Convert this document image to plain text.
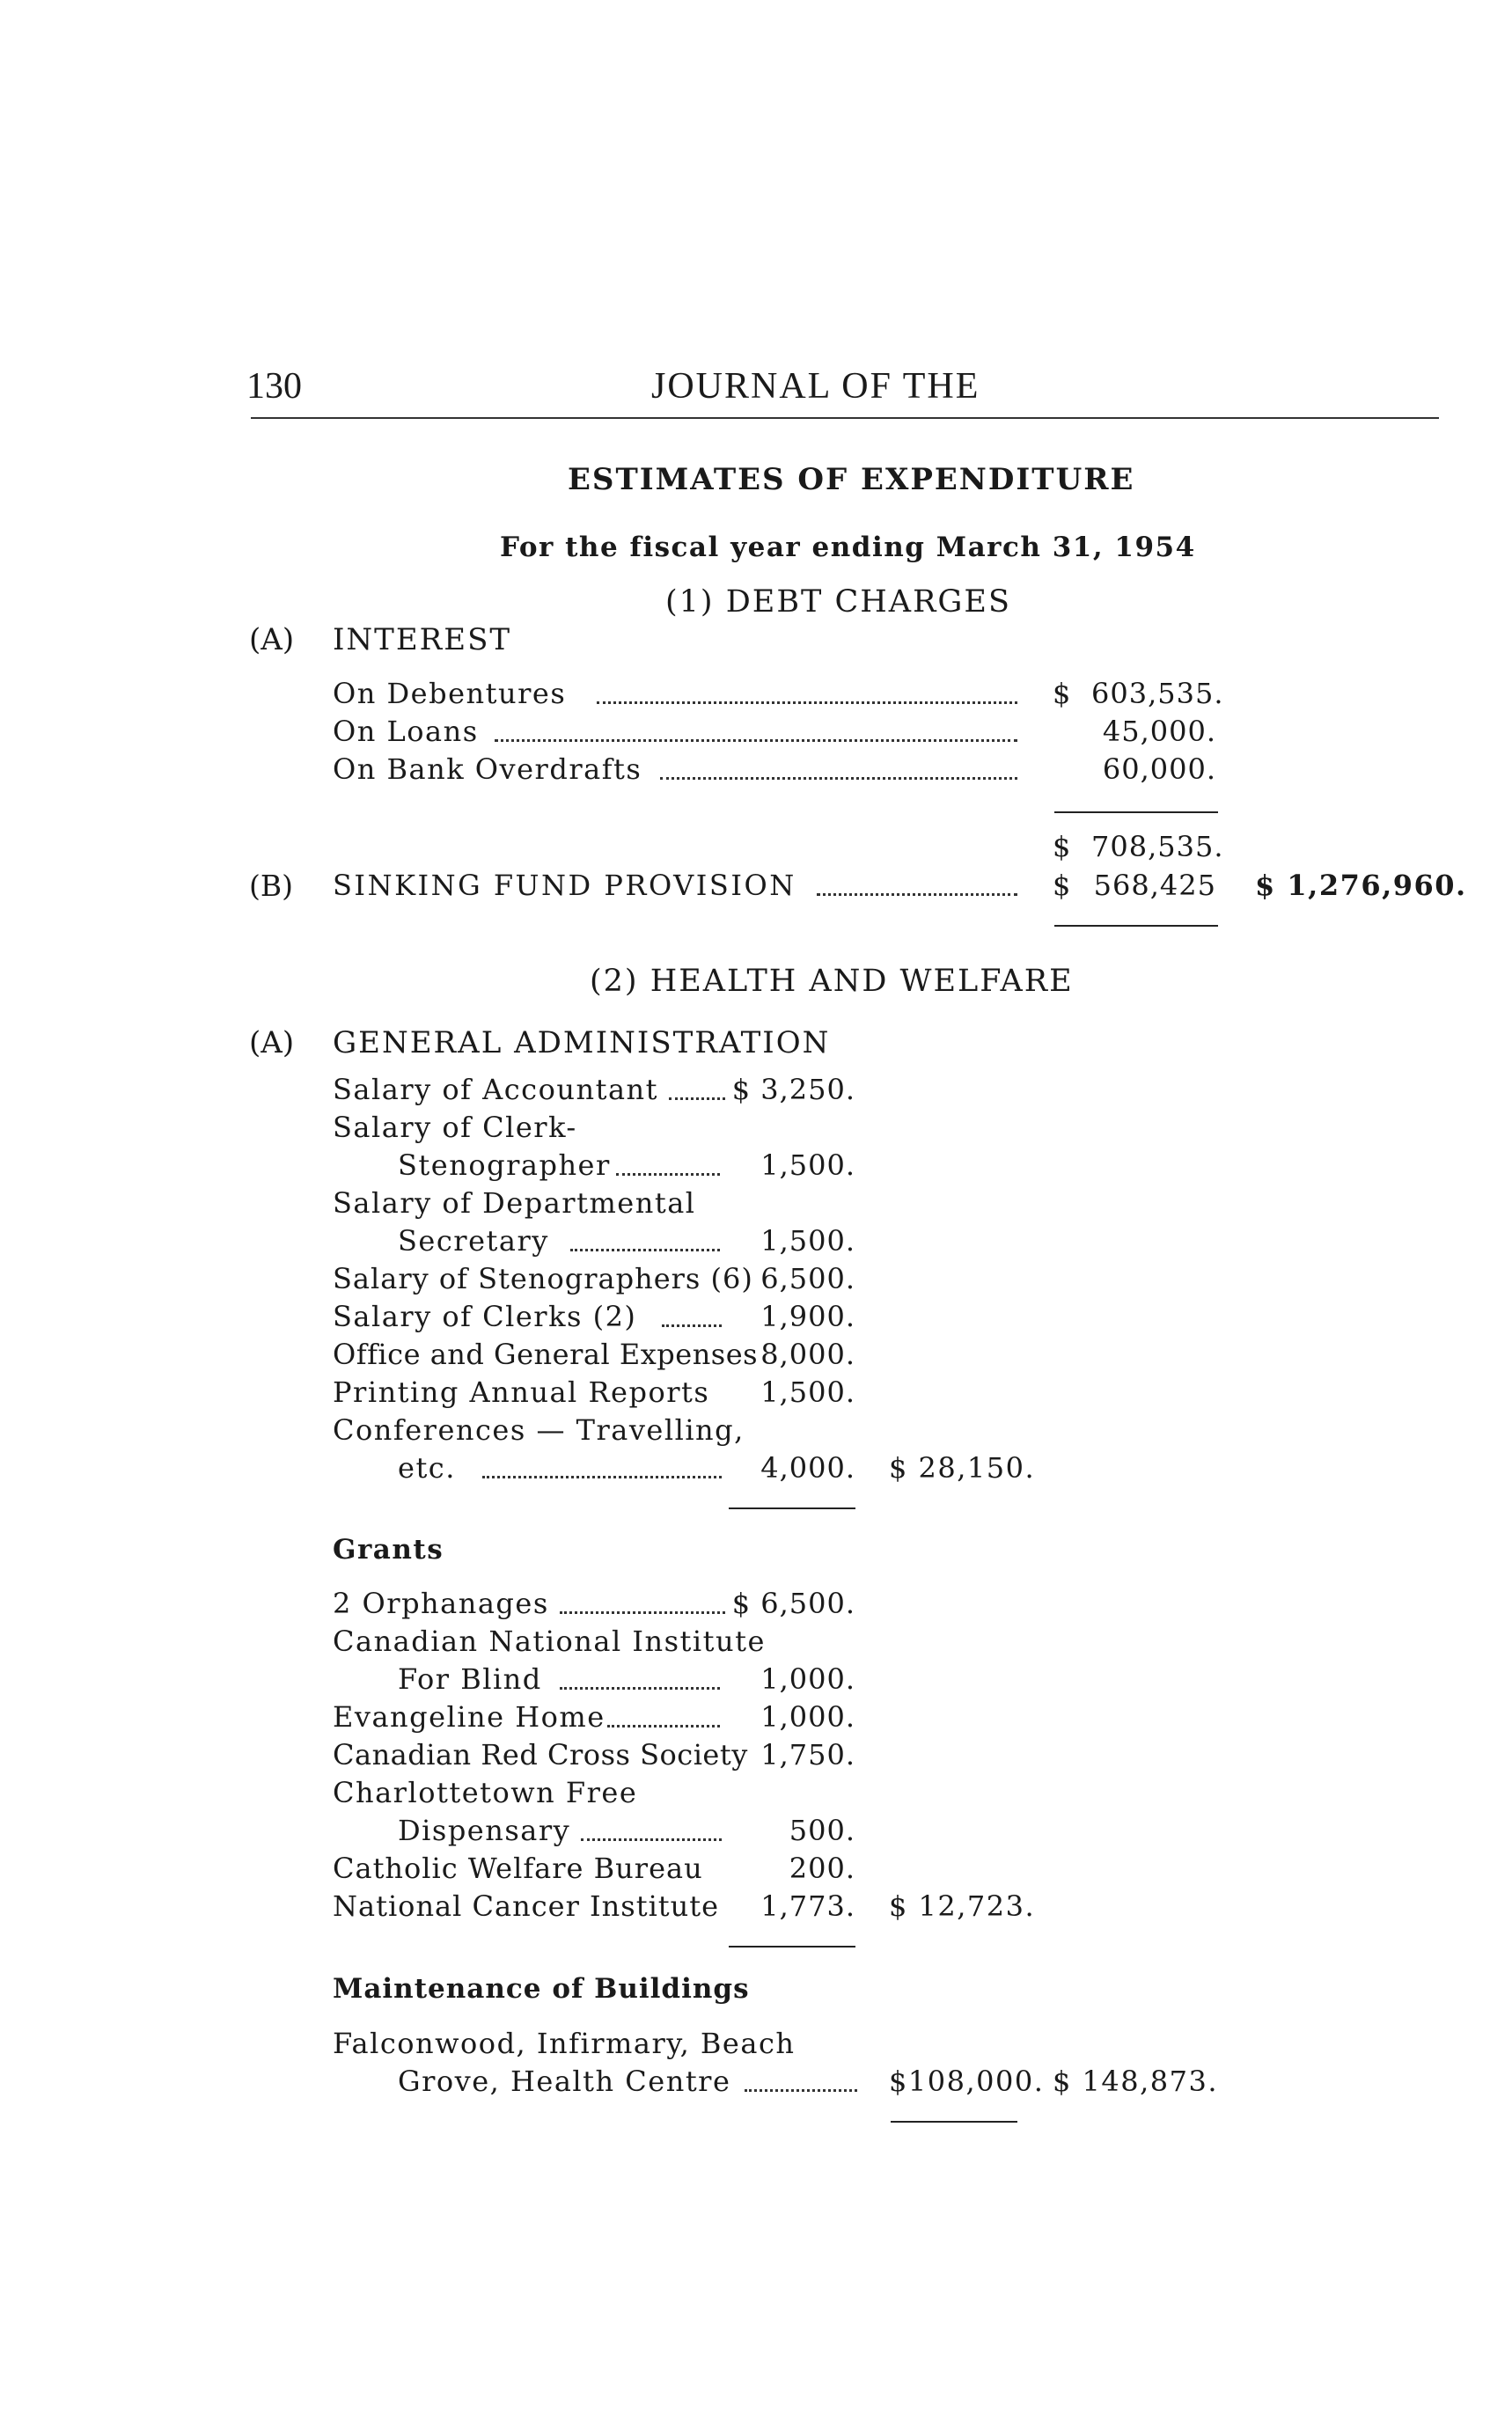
130	JOURNAL OF THE
ESTIMATES OF EXPENDITURE
For the fiscal year ending March 31, 1954
(1) DEBT CHARGES
(A) INTEREST
On Debentures	$ 603,535.
On Loans	45,000.
On Bank Overdrafts	60,000.
$ 708,535.
(B) SINKING FUND PROVISION	$ 568,425 $ 1,276,960.
(2) HEALTH AND WELFARE
(A) GENERAL ADMINISTRATION
Salary of Accountant	$ 3,250.
Salary of Clerk-
Stenographer	1,500.
Salary of Departmental
Secretary	1,500.
Salary of Stenographers (6) 6,500.
Salary of Clerks (2)	1,900.
Office and General Expenses 8,000.
Printing Annual Reports	1,500.
Conferences — Travelling,
etc.	4,000. $ 28,150.
Grants
2 Orphanages	$ 6,500.
Canadian National Institute
For Blind	1,000.
Evangeline Home	1,000.
Canadian Red Cross Society 1,750.
Charlottetown Free
Dispensary	500.
Catholic Welfare Bureau	200.
National Cancer Institute	1,773. $ 12,723.
Maintenance of Buildings
Falconwood, Infirmary, Beach
Grove, Health Centre	$108,000. $ 148,873.
